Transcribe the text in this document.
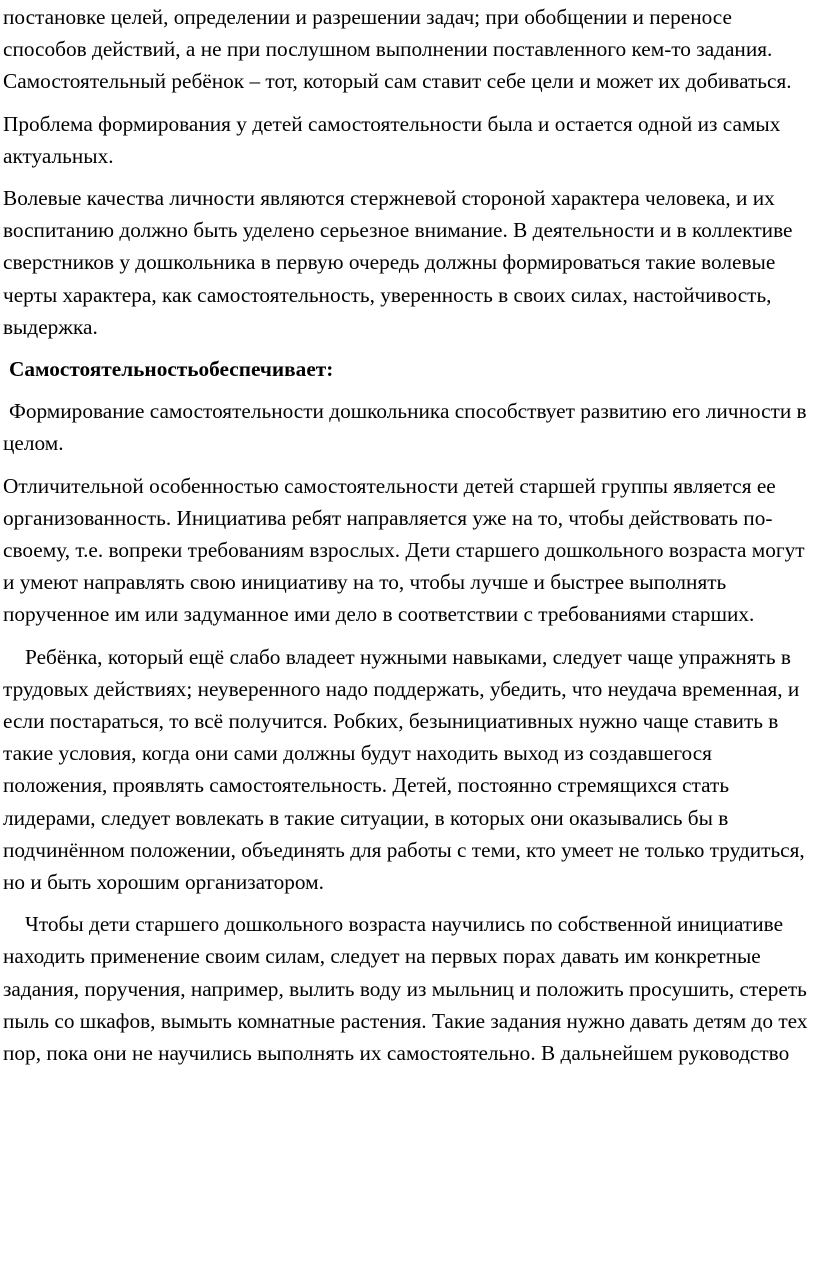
постановке целей, определении и разрешении задач; при обобщении и переносе способов действий, а не при послушном выполнении поставленного кем-то задания. Самостоятельный ребёнок – тот, который сам ставит себе цели и может их добиваться.

Проблема формирования у детей самостоятельности была и остается одной из самых актуальных.

Волевые качества личности являются стержневой стороной характера человека, и их воспитанию должно быть уделено серьезное внимание. В деятельности и в коллективе сверстников у дошкольника в первую очередь должны формироваться такие волевые черты характера, как самостоятельность, уверенность в своих силах, настойчивость, выдержка.

Самостоятельностьобеспечивает:

Формирование самостоятельности дошкольника способствует развитию его личности в целом.

Отличительной особенностью самостоятельности детей старшей группы является ее организованность. Инициатива ребят направляется уже на то, чтобы действовать по-своему, т.е. вопреки требованиям взрослых. Дети старшего дошкольного возраста могут и умеют направлять свою инициативу на то, чтобы лучше и быстрее выполнять порученное им или задуманное ими дело в соответствии с требованиями старших.

Ребёнка, который ещё слабо владеет нужными навыками, следует чаще упражнять в трудовых действиях; неуверенного надо поддержать, убедить, что неудача временная, и если постараться, то всё получится. Робких, безынициативных нужно чаще ставить в такие условия, когда они сами должны будут находить выход из создавшегося положения, проявлять самостоятельность. Детей, постоянно стремящихся стать лидерами, следует вовлекать в такие ситуации, в которых они оказывались бы в подчинённом положении, объединять для работы с теми, кто умеет не только трудиться, но и быть хорошим организатором.

Чтобы дети старшего дошкольного возраста научились по собственной инициативе находить применение своим силам, следует на первых порах давать им конкретные задания, поручения, например, вылить воду из мыльниц и положить просушить, стереть пыль со шкафов, вымыть комнатные растения. Такие задания нужно давать детям до тех пор, пока они не научились выполнять их самостоятельно. В дальнейшем руководство
